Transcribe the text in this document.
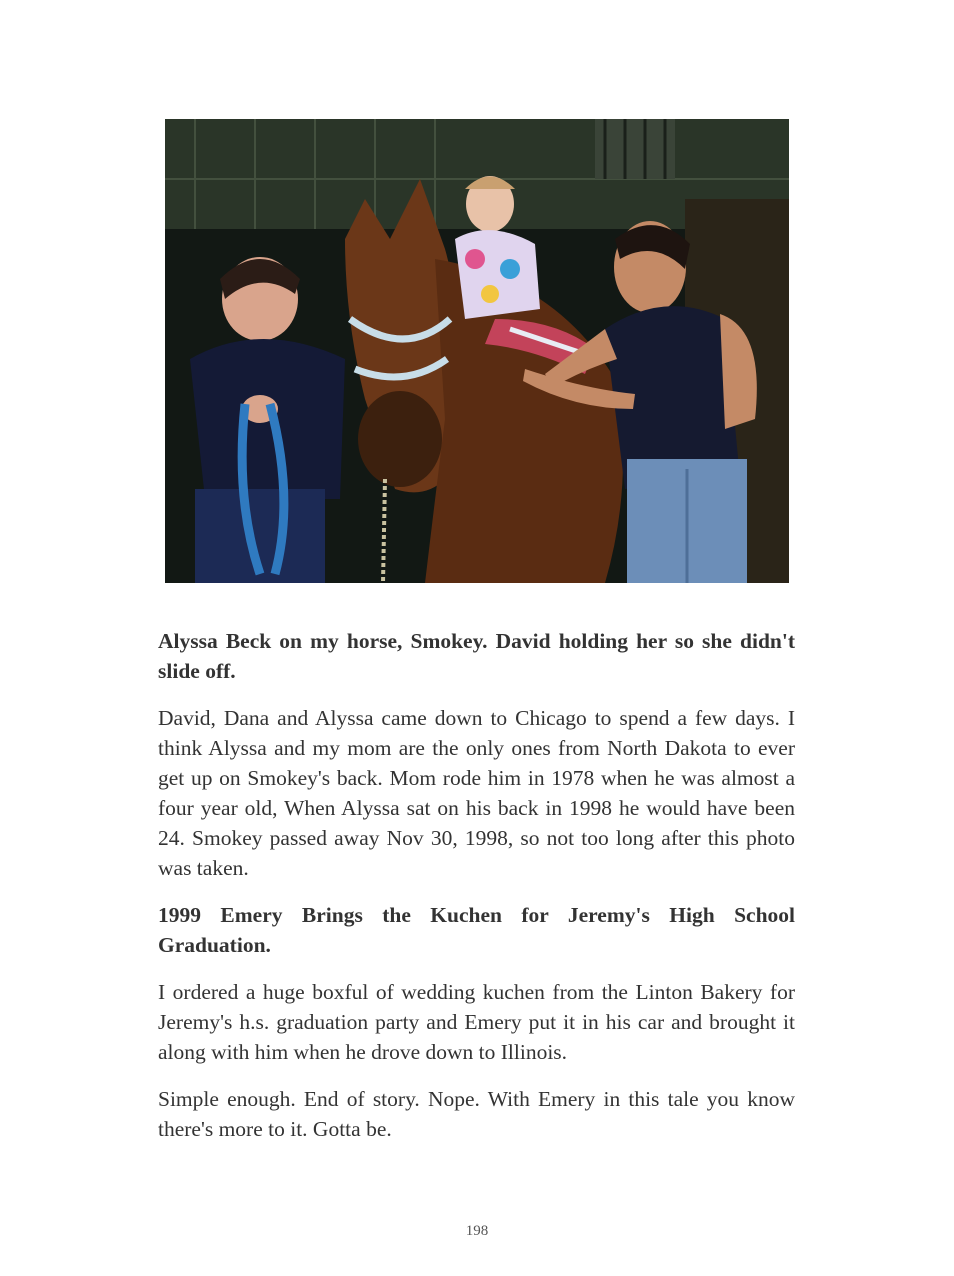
Alyssa Beck on my horse, Smokey. David holding her so she didn't slide off.

David, Dana and Alyssa came down to Chicago to spend a few days. I think Alyssa and my mom are the only ones from North Dakota to ever get up on Smokey's back. Mom rode him in 1978 when he was almost a four year old, When Alyssa sat on his back in 1998 he would have been 24. Smokey passed away Nov 30, 1998, so not too long after this photo was taken.

1999 Emery Brings the Kuchen for Jeremy's High School Graduation.

I ordered a huge boxful of wedding kuchen from the Linton Bakery for Jeremy's h.s. graduation party and Emery put it in his car and brought it along with him when he drove down to Illinois.

Simple enough. End of story. Nope. With Emery in this tale you know there's more to it. Gotta be.

198
